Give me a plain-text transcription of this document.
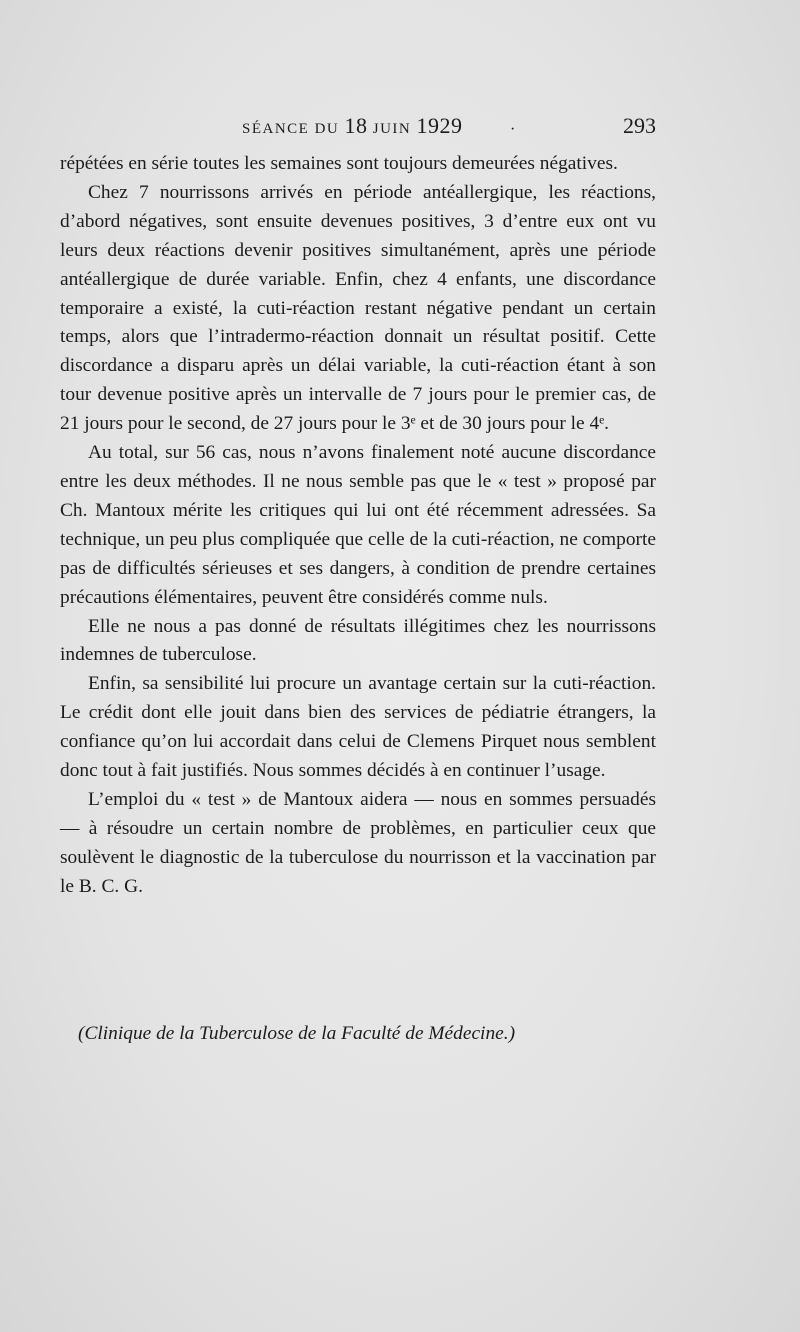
SÉANCE DU 18 JUIN 1929	·	293

répétées en série toutes les semaines sont toujours demeurées négatives.

Chez 7 nourrissons arrivés en période antéallergique, les réactions, d’abord négatives, sont ensuite devenues positives, 3 d’entre eux ont vu leurs deux réactions devenir positives simultanément, après une période antéallergique de durée variable. Enfin, chez 4 enfants, une discordance temporaire a existé, la cuti-réaction restant négative pendant un certain temps, alors que l’intradermo-réaction donnait un résultat positif. Cette discordance a disparu après un délai variable, la cuti-réaction étant à son tour devenue positive après un intervalle de 7 jours pour le premier cas, de 21 jours pour le second, de 27 jours pour le 3ᵉ et de 30 jours pour le 4ᵉ.

Au total, sur 56 cas, nous n’avons finalement noté aucune discordance entre les deux méthodes. Il ne nous semble pas que le « test » proposé par Ch. Mantoux mérite les critiques qui lui ont été récemment adressées. Sa technique, un peu plus compliquée que celle de la cuti-réaction, ne comporte pas de difficultés sérieuses et ses dangers, à condition de prendre certaines précautions élémentaires, peuvent être considérés comme nuls.

Elle ne nous a pas donné de résultats illégitimes chez les nourrissons indemnes de tuberculose.

Enfin, sa sensibilité lui procure un avantage certain sur la cuti-réaction. Le crédit dont elle jouit dans bien des services de pédiatrie étrangers, la confiance qu’on lui accordait dans celui de Clemens Pirquet nous semblent donc tout à fait justifiés. Nous sommes décidés à en continuer l’usage.

L’emploi du « test » de Mantoux aidera — nous en sommes persuadés — à résoudre un certain nombre de problèmes, en particulier ceux que soulèvent le diagnostic de la tuberculose du nourrisson et la vaccination par le B. C. G.

(Clinique de la Tuberculose de la Faculté de Médecine.)
